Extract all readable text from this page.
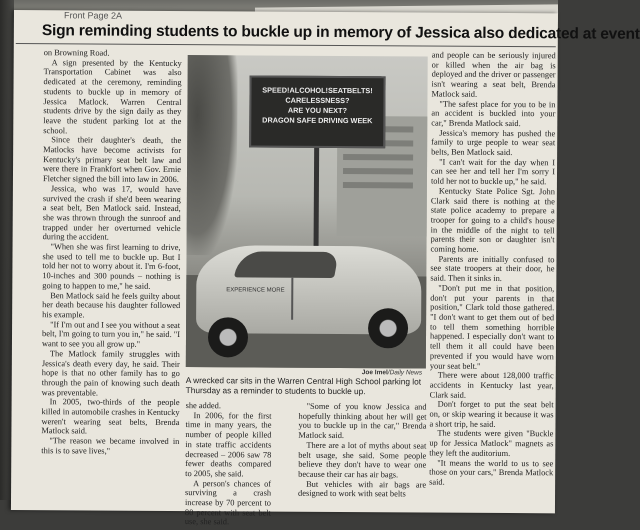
Front Page 2A
Sign reminding students to buckle up in memory of Jessica also dedicated at event

on Browning Road.

A sign presented by the Kentucky Transportation Cabinet was also dedicated at the ceremony, reminding students to buckle up in memory of Jessica Matlock. Warren Central students drive by the sign daily as they leave the student parking lot at the school.

Since their daughter's death, the Matlocks have become activists for Kentucky's primary seat belt law and were there in Frankfort when Gov. Ernie Fletcher signed the bill into law in 2006.

Jessica, who was 17, would have survived the crash if she'd been wearing a seat belt, Ben Matlock said. Instead, she was thrown through the sunroof and trapped under her overturned vehicle during the accident.

"When she was first learning to drive, she used to tell me to buckle up. But I told her not to worry about it. I'm 6-foot, 10-inches and 300 pounds – nothing is going to happen to me," he said.

Ben Matlock said he feels guilty about her death because his daughter followed his example.

"If I'm out and I see you without a seat belt, I'm going to turn you in," he said. "I want to see you all grow up."

The Matlock family struggles with Jessica's death every day, he said. Their hope is that no other family has to go through the pain of knowing such death was preventable.

In 2005, two-thirds of the people killed in automobile crashes in Kentucky weren't wearing seat belts, Brenda Matlock said.

"The reason we became involved in this is to save lives,"

SPEED!ALCOHOL!SEATBELTS!
CARELESSNESS?
ARE YOU NEXT?
DRAGON SAFE DRIVING WEEK
EXPERIENCE MORE
Joe Imel/Daily News
A wrecked car sits in the Warren Central High School parking lot Thursday as a reminder to students to buckle up.

she added.

In 2006, for the first time in many years, the number of people killed in state traffic accidents decreased – 2006 saw 78 fewer deaths compared to 2005, she said.

A person's chances of surviving a crash increase by 70 percent to 80 percent with seat belt use, she said.

"Some of you know Jessica and hopefully thinking about her will get you to buckle up in the car," Brenda Matlock said.

There are a lot of myths about seat belt usage, she said. Some people believe they don't have to wear one because their car has air bags.

But vehicles with air bags are designed to work with seat belts

and people can be seriously injured or killed when the air bag is deployed and the driver or passenger isn't wearing a seat belt, Brenda Matlock said.

"The safest place for you to be in an accident is buckled into your car," Brenda Matlock said.

Jessica's memory has pushed the family to urge people to wear seat belts, Ben Matlock said.

"I can't wait for the day when I can see her and tell her I'm sorry I told her not to buckle up," he said.

Kentucky State Police Sgt. John Clark said there is nothing at the state police academy to prepare a trooper for going to a child's house in the middle of the night to tell parents their son or daughter isn't coming home.

Parents are initially confused to see state troopers at their door, he said. Then it sinks in.

"Don't put me in that position, don't put your parents in that position," Clark told those gathered. "I don't want to get them out of bed to tell them something horrible happened. I especially don't want to tell them it all could have been prevented if you would have worn your seat belt."

There were about 128,000 traffic accidents in Kentucky last year, Clark said.

Don't forget to put the seat belt on, or skip wearing it because it was a short trip, he said.

The students were given "Buckle up for Jessica Matlock" magnets as they left the auditorium.

"It means the world to us to see those on your cars," Brenda Matlock said.
